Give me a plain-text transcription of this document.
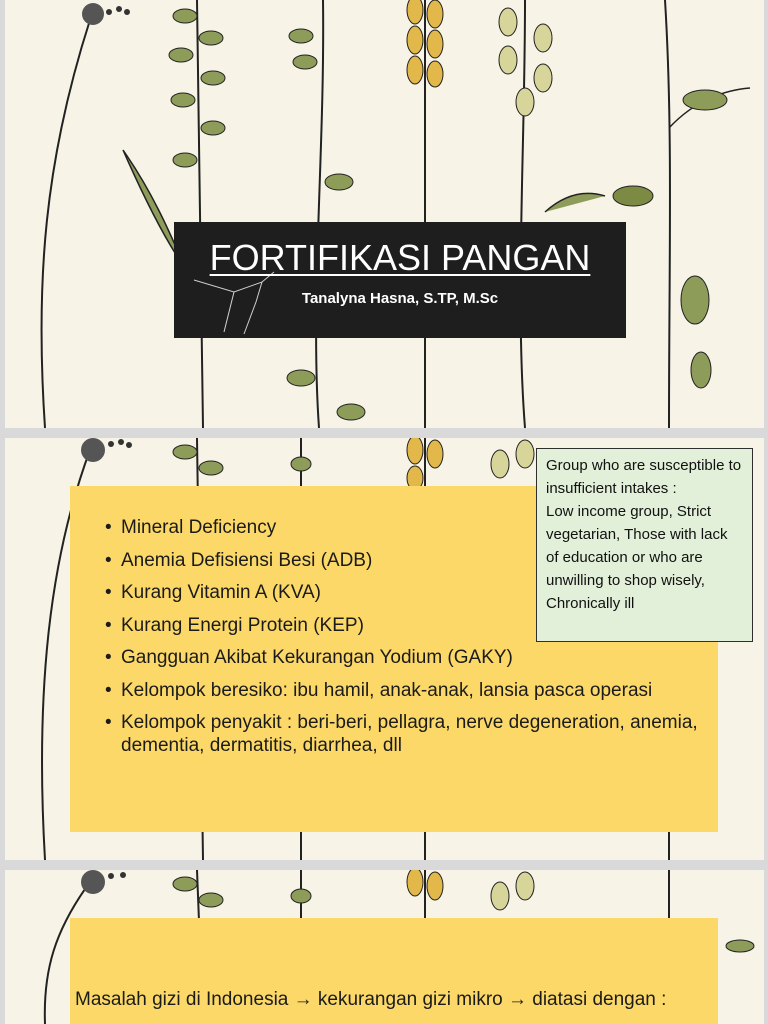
FORTIFIKASI PANGAN
Tanalyna Hasna, S.TP, M.Sc
• Mineral Deficiency
• Anemia Defisiensi Besi (ADB)
• Kurang Vitamin A (KVA)
• Kurang Energi Protein (KEP)
• Gangguan Akibat Kekurangan Yodium (GAKY)
• Kelompok beresiko: ibu hamil, anak-anak, lansia pasca operasi
• Kelompok penyakit : beri-beri, pellagra, nerve degeneration, anemia, dementia, dermatitis, diarrhea, dll

Group who are susceptible to insufficient intakes :

Low income group, Strict vegetarian, Those with lack of education or who are unwilling to shop wisely, Chronically ill

Masalah gizi di Indonesia → kekurangan gizi mikro → diatasi dengan :
